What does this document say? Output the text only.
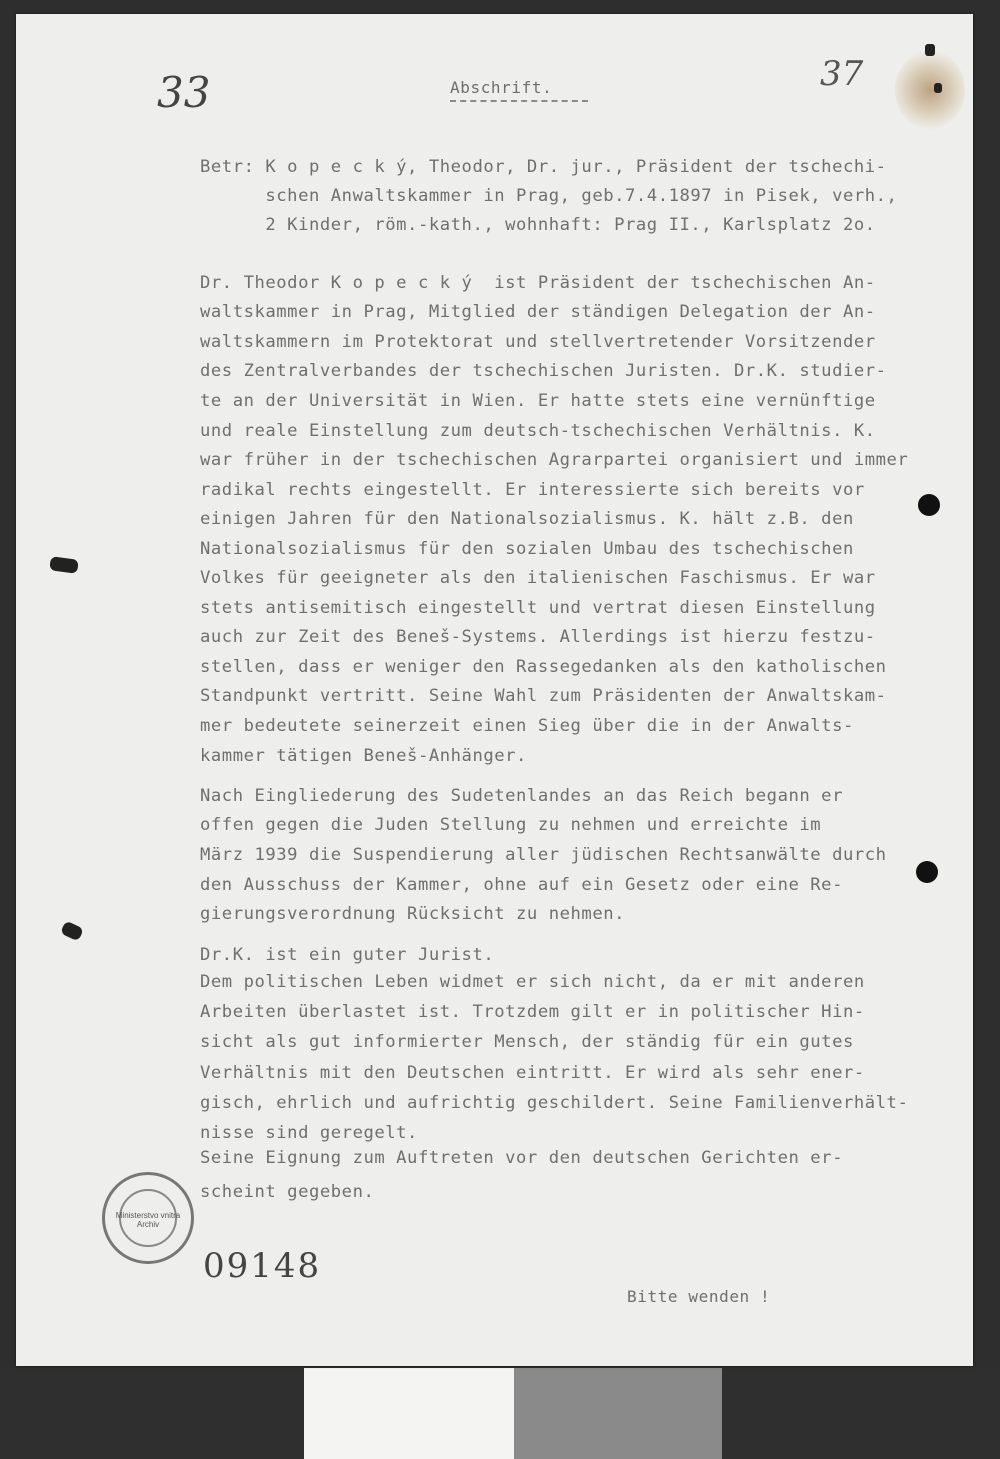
33	37
Abschrift.
Betr: K o p e c k ý, Theodor, Dr. jur., Präsident der tschechi-
schen Anwaltskammer in Prag, geb.7.4.1897 in Pisek, verh.,
2 Kinder, röm.-kath., wohnhaft: Prag II., Karlsplatz 2o.
Dr. Theodor K o p e c k ý  ist Präsident der tschechischen An-
waltskammer in Prag, Mitglied der ständigen Delegation der An-
waltskammern im Protektorat und stellvertretender Vorsitzender
des Zentralverbandes der tschechischen Juristen. Dr.K. studier-
te an der Universität in Wien. Er hatte stets eine vernünftige
und reale Einstellung zum deutsch-tschechischen Verhältnis. K.
war früher in der tschechischen Agrarpartei organisiert und immer
radikal rechts eingestellt. Er interessierte sich bereits vor
einigen Jahren für den Nationalsozialismus. K. hält z.B. den
Nationalsozialismus für den sozialen Umbau des tschechischen
Volkes für geeigneter als den italienischen Faschismus. Er war
stets antisemitisch eingestellt und vertrat diesen Einstellung
auch zur Zeit des Beneš-Systems. Allerdings ist hierzu festzu-
stellen, dass er weniger den Rassegedanken als den katholischen
Standpunkt vertritt. Seine Wahl zum Präsidenten der Anwaltskam-
mer bedeutete seinerzeit einen Sieg über die in der Anwalts-
kammer tätigen Beneš-Anhänger.
Nach Eingliederung des Sudetenlandes an das Reich begann er
offen gegen die Juden Stellung zu nehmen und erreichte im
März 1939 die Suspendierung aller jüdischen Rechtsanwälte durch
den Ausschuss der Kammer, ohne auf ein Gesetz oder eine Re-
gierungsverordnung Rücksicht zu nehmen.
Dr.K. ist ein guter Jurist.
Dem politischen Leben widmet er sich nicht, da er mit anderen
Arbeiten überlastet ist. Trotzdem gilt er in politischer Hin-
sicht als gut informierter Mensch, der ständig für ein gutes
Verhältnis mit den Deutschen eintritt. Er wird als sehr ener-
gisch, ehrlich und aufrichtig geschildert. Seine Familienverhält-
nisse sind geregelt.
Seine Eignung zum Auftreten vor den deutschen Gerichten er-
scheint gegeben.
Ministerstvo vnitra Archiv
09148
Bitte wenden !
